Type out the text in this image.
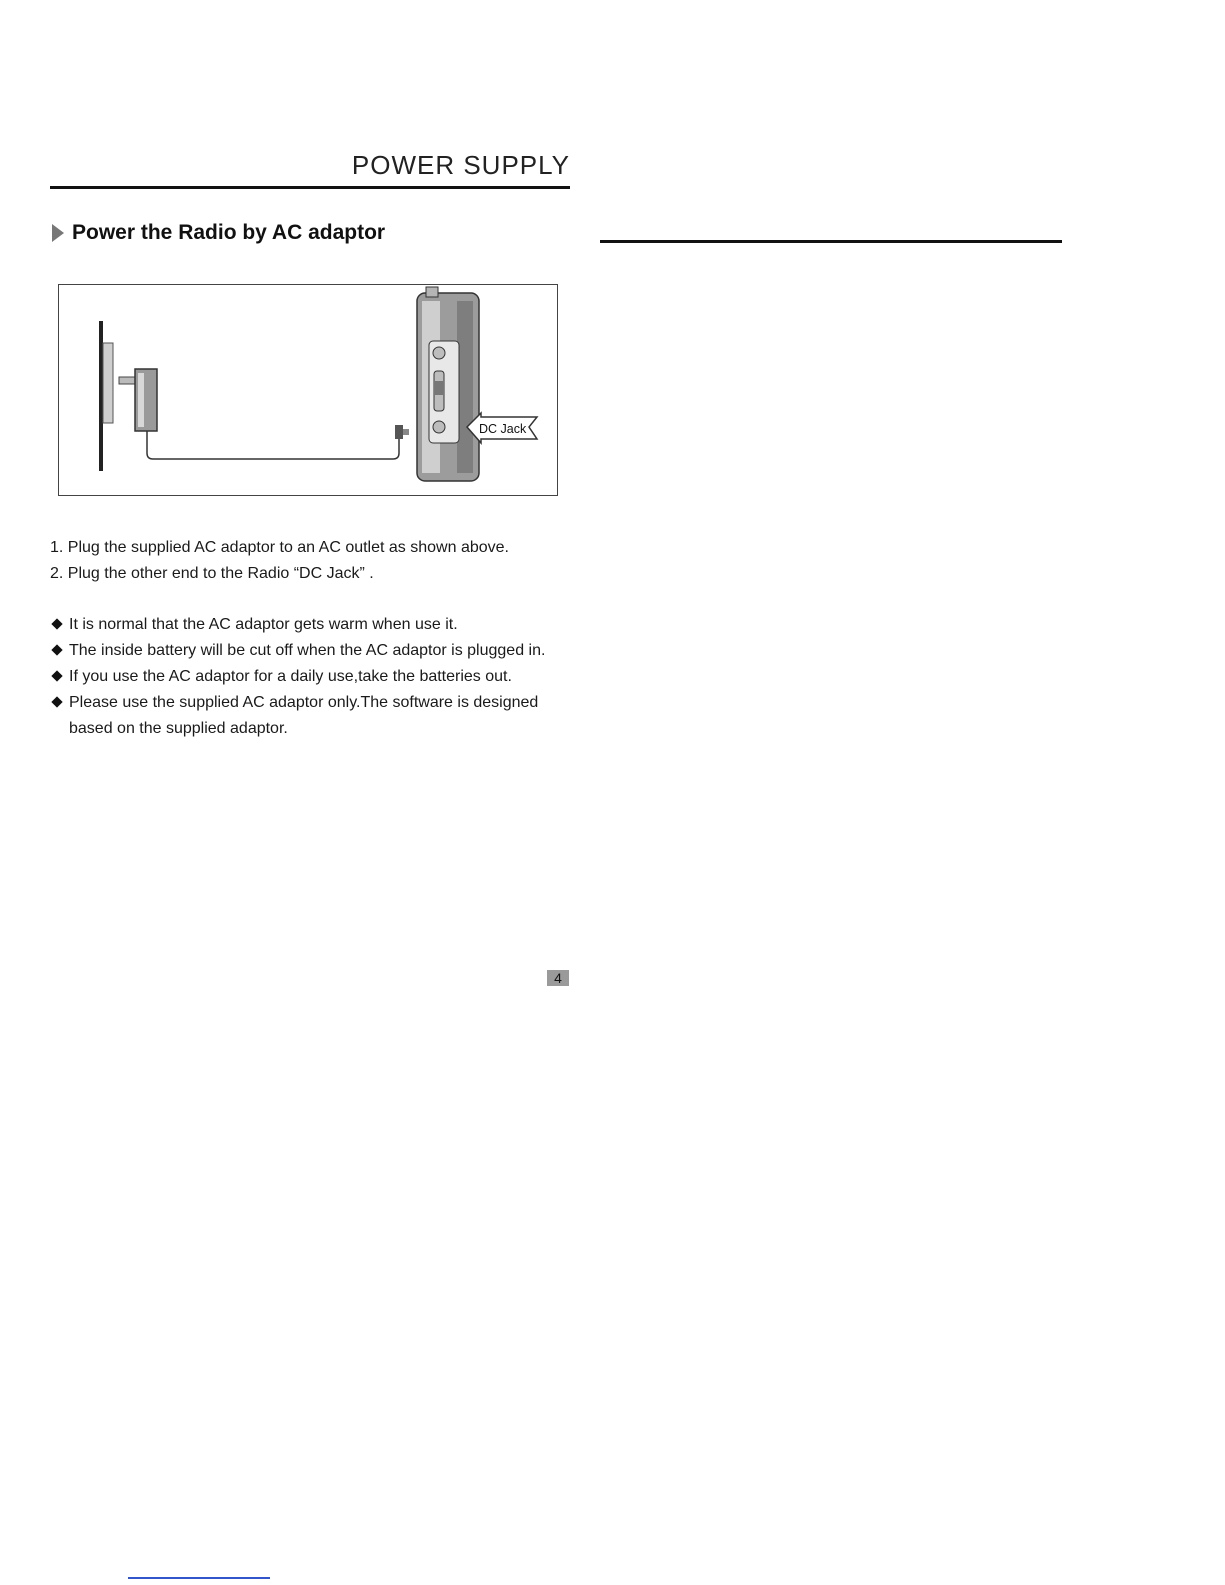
POWER SUPPLY
Power the Radio by AC adaptor
DC Jack
1. Plug the supplied AC adaptor to an AC outlet as shown above.
2. Plug the other end to the Radio “DC Jack” .
It is normal that the AC adaptor gets warm when use it.
The inside battery will be cut off when the AC adaptor is plugged in.
If you use the AC adaptor for a daily use,take the batteries out.
Please use the supplied AC adaptor only.The software is designed based on the supplied adaptor.
4
